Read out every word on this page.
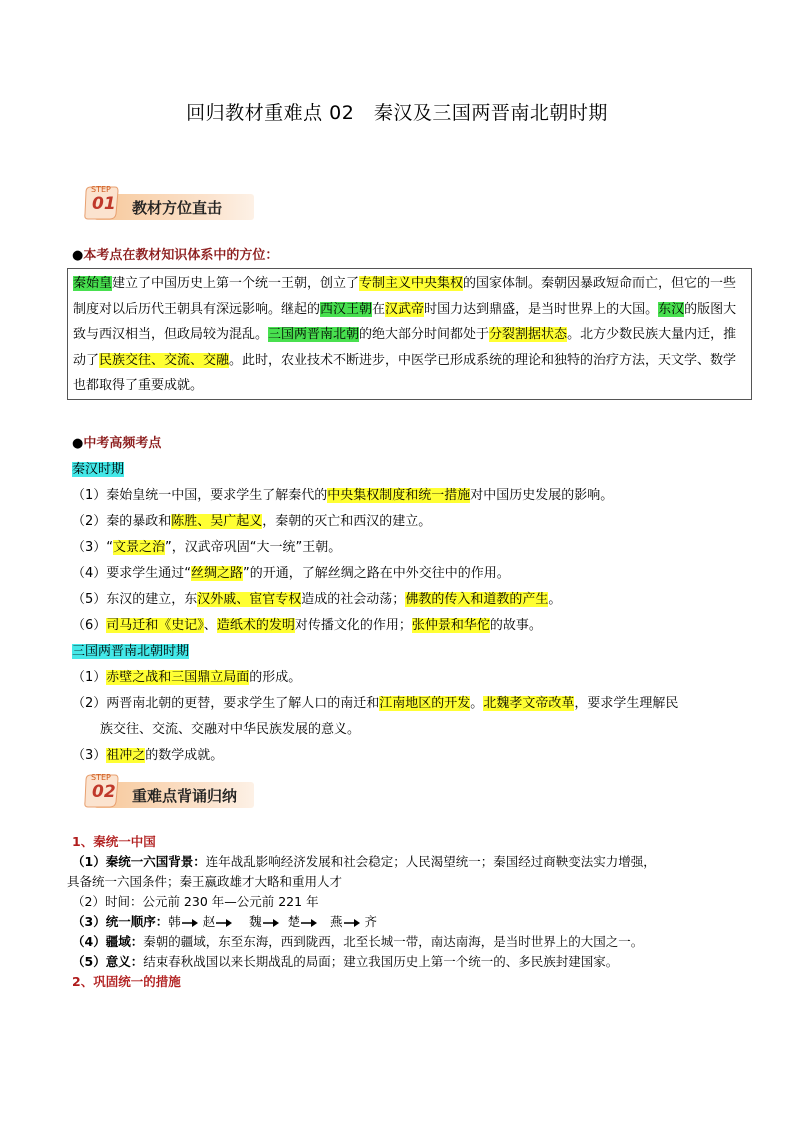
回归教材重难点 02　秦汉及三国两晋南北朝时期
STEP
01 教材方位直击
●本考点在教材知识体系中的方位：
秦始皇建立了中国历史上第一个统一王朝，创立了专制主义中央集权的国家体制。秦朝因暴政短命而亡，但它的一些制度对以后历代王朝具有深远影响。继起的西汉王朝在汉武帝时国力达到鼎盛，是当时世界上的大国。东汉的版图大致与西汉相当，但政局较为混乱。三国两晋南北朝的绝大部分时间都处于分裂割据状态。北方少数民族大量内迁，推动了民族交往、交流、交融。此时，农业技术不断进步，中医学已形成系统的理论和独特的治疗方法，天文学、数学也都取得了重要成就。
●中考高频考点
秦汉时期
（1）秦始皇统一中国，要求学生了解秦代的中央集权制度和统一措施对中国历史发展的影响。
（2）秦的暴政和陈胜、吴广起义，秦朝的灭亡和西汉的建立。
（3）“文景之治”，汉武帝巩固“大一统”王朝。
（4）要求学生通过“丝绸之路”的开通，了解丝绸之路在中外交往中的作用。
（5）东汉的建立，东汉外戚、宦官专权造成的社会动荡；佛教的传入和道教的产生。
（6）司马迁和《史记》、造纸术的发明对传播文化的作用；张仲景和华佗的故事。
三国两晋南北朝时期
（1）赤壁之战和三国鼎立局面的形成。
（2）两晋南北朝的更替，要求学生了解人口的南迁和江南地区的开发。北魏孝文帝改革，要求学生理解民
族交往、交流、交融对中华民族发展的意义。
（3）祖冲之的数学成就。
STEP
02 重难点背诵归纳
1、秦统一中国
（1）秦统一六国背景：连年战乱影响经济发展和社会稳定；人民渴望统一；秦国经过商鞅变法实力增强，
具备统一六国条件；秦王嬴政雄才大略和重用人才
（2）时间：公元前 230 年—公元前 221 年
（3）统一顺序：韩 赵	魏 楚 燕 齐
（4）疆域：秦朝的疆域，东至东海，西到陇西，北至长城一带，南达南海，是当时世界上的大国之一。
（5）意义：结束春秋战国以来长期战乱的局面；建立我国历史上第一个统一的、多民族封建国家。
2、巩固统一的措施
